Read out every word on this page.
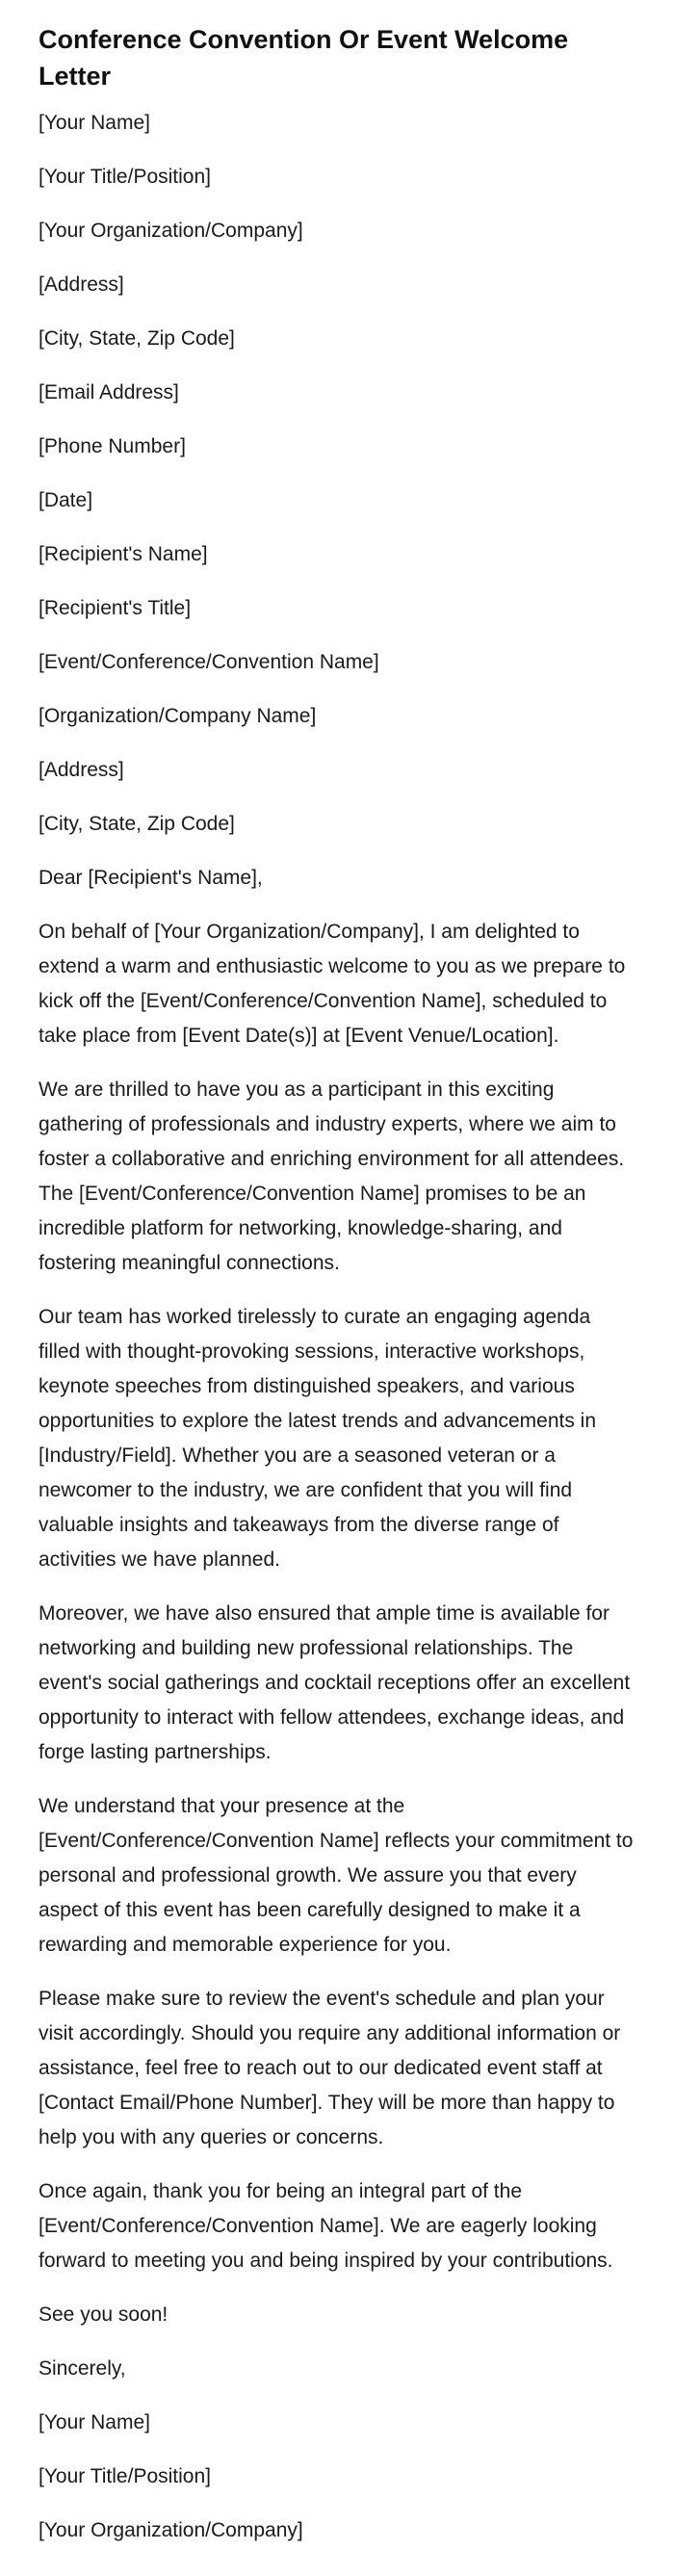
Conference Convention Or Event Welcome Letter

[Your Name]

[Your Title/Position]

[Your Organization/Company]

[Address]

[City, State, Zip Code]

[Email Address]

[Phone Number]

[Date]

[Recipient's Name]

[Recipient's Title]

[Event/Conference/Convention Name]

[Organization/Company Name]

[Address]

[City, State, Zip Code]

Dear [Recipient's Name],

On behalf of [Your Organization/Company], I am delighted to extend a warm and enthusiastic welcome to you as we prepare to kick off the [Event/Conference/Convention Name], scheduled to take place from [Event Date(s)] at [Event Venue/Location].

We are thrilled to have you as a participant in this exciting gathering of professionals and industry experts, where we aim to foster a collaborative and enriching environment for all attendees. The [Event/Conference/Convention Name] promises to be an incredible platform for networking, knowledge-sharing, and fostering meaningful connections.

Our team has worked tirelessly to curate an engaging agenda filled with thought-provoking sessions, interactive workshops, keynote speeches from distinguished speakers, and various opportunities to explore the latest trends and advancements in [Industry/Field]. Whether you are a seasoned veteran or a newcomer to the industry, we are confident that you will find valuable insights and takeaways from the diverse range of activities we have planned.

Moreover, we have also ensured that ample time is available for networking and building new professional relationships. The event's social gatherings and cocktail receptions offer an excellent opportunity to interact with fellow attendees, exchange ideas, and forge lasting partnerships.

We understand that your presence at the [Event/Conference/Convention Name] reflects your commitment to personal and professional growth. We assure you that every aspect of this event has been carefully designed to make it a rewarding and memorable experience for you.

Please make sure to review the event's schedule and plan your visit accordingly. Should you require any additional information or assistance, feel free to reach out to our dedicated event staff at [Contact Email/Phone Number]. They will be more than happy to help you with any queries or concerns.

Once again, thank you for being an integral part of the [Event/Conference/Convention Name]. We are eagerly looking forward to meeting you and being inspired by your contributions.

See you soon!

Sincerely,

[Your Name]

[Your Title/Position]

[Your Organization/Company]
